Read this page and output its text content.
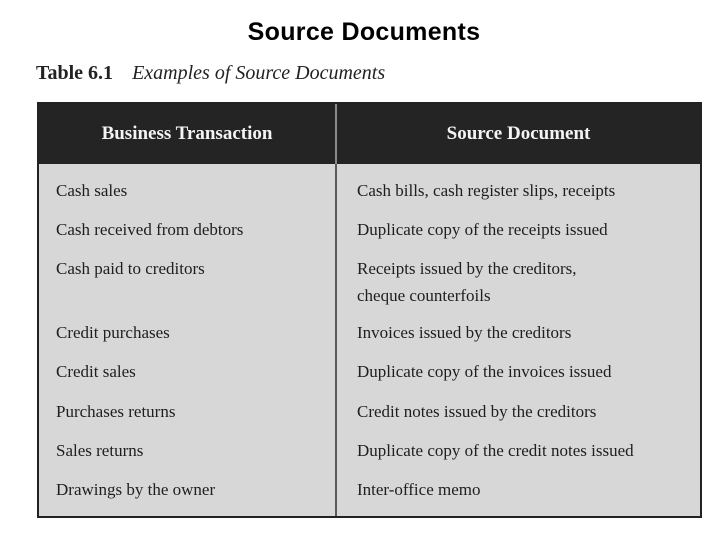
Source Documents
Table 6.1 Examples of Source Documents
Business Transaction	Source Document
Cash sales	Cash bills, cash register slips, receipts
Cash received from debtors	Duplicate copy of the receipts issued
Cash paid to creditors	Receipts issued by the creditors,
cheque counterfoils
Credit purchases	Invoices issued by the creditors
Credit sales	Duplicate copy of the invoices issued
Purchases returns	Credit notes issued by the creditors
Sales returns	Duplicate copy of the credit notes issued
Drawings by the owner	Inter-office memo
